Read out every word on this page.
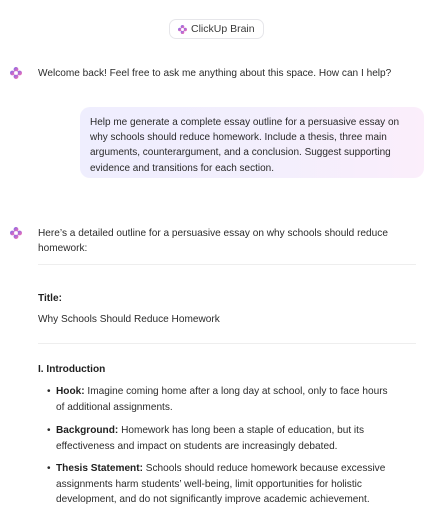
ClickUp Brain
Welcome back! Feel free to ask me anything about this space. How can I help?
Help me generate a complete essay outline for a persuasive essay on why schools should reduce homework. Include a thesis, three main arguments, counterargument, and a conclusion. Suggest supporting evidence and transitions for each section.
Here’s a detailed outline for a persuasive essay on why schools should reduce homework:
Title:
Why Schools Should Reduce Homework
I. Introduction
• Hook: Imagine coming home after a long day at school, only to face hours of additional assignments.
• Background: Homework has long been a staple of education, but its effectiveness and impact on students are increasingly debated.
• Thesis Statement: Schools should reduce homework because excessive assignments harm students’ well-being, limit opportunities for holistic development, and do not significantly improve academic achievement.
